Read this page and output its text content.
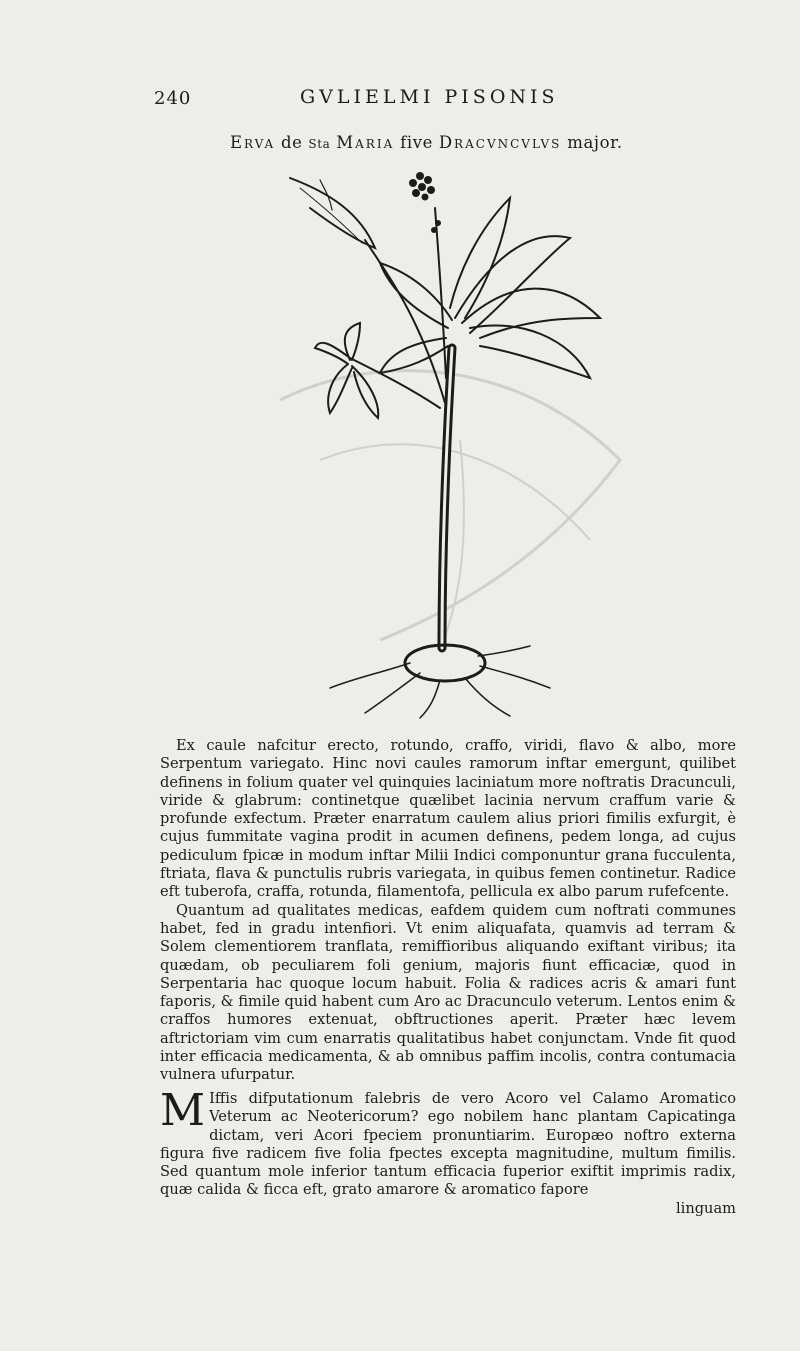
240	GVLIELMI PISONIS
Erva de Sta Maria five Dracvncvlvs major.

Ex caule nafcitur erecto, rotundo, craffo, viridi, flavo & albo, more Serpentum variegato. Hinc novi caules ramorum inftar emergunt, quilibet definens in folium quater vel quinquies laciniatum more noftratis Dracunculi, viride & glabrum: continetque quælibet lacinia nervum craffum varie & profunde exfectum. Præter enarratum caulem alius priori fimilis exfurgit, è cujus fummitate vagina prodit in acumen definens, pedem longa, ad cujus pediculum fpicæ in modum inftar Milii Indici componuntur grana fucculenta, ftriata, flava & punctulis rubris variegata, in quibus femen continetur. Radice eft tuberofa, craffa, rotunda, filamentofa, pellicula ex albo parum rufefcente.

Quantum ad qualitates medicas, eafdem quidem cum noftrati communes habet, fed in gradu intenfiori. Vt enim aliquafata, quamvis ad terram & Solem clementiorem tranflata, remiffioribus aliquando exiftant viribus; ita quædam, ob peculiarem foli genium, majoris fiunt efficaciæ, quod in Serpentaria hac quoque locum habuit. Folia & radices acris & amari funt faporis, & fimile quid habent cum Aro ac Dracunculo veterum. Lentos enim & craffos humores extenuat, obftructiones aperit. Præter hæc levem aftrictoriam vim cum enarratis qualitatibus habet conjunctam. Vnde fit quod inter efficacia medicamenta, & ab omnibus paffim incolis, contra contumacia vulnera ufurpatur.

M Iffis difputationum falebris de vero Acoro vel Calamo Aromatico Veterum ac Neotericorum? ego nobilem hanc plantam Capicatinga dictam, veri Acori fpeciem pronuntiarim. Europæo noftro externa figura five radicem five folia fpectes excepta magnitudine, multum fimilis. Sed quantum mole inferior tantum efficacia fuperior exiftit imprimis radix, quæ calida & ficca eft, grato amarore & aromatico fapore

linguam
